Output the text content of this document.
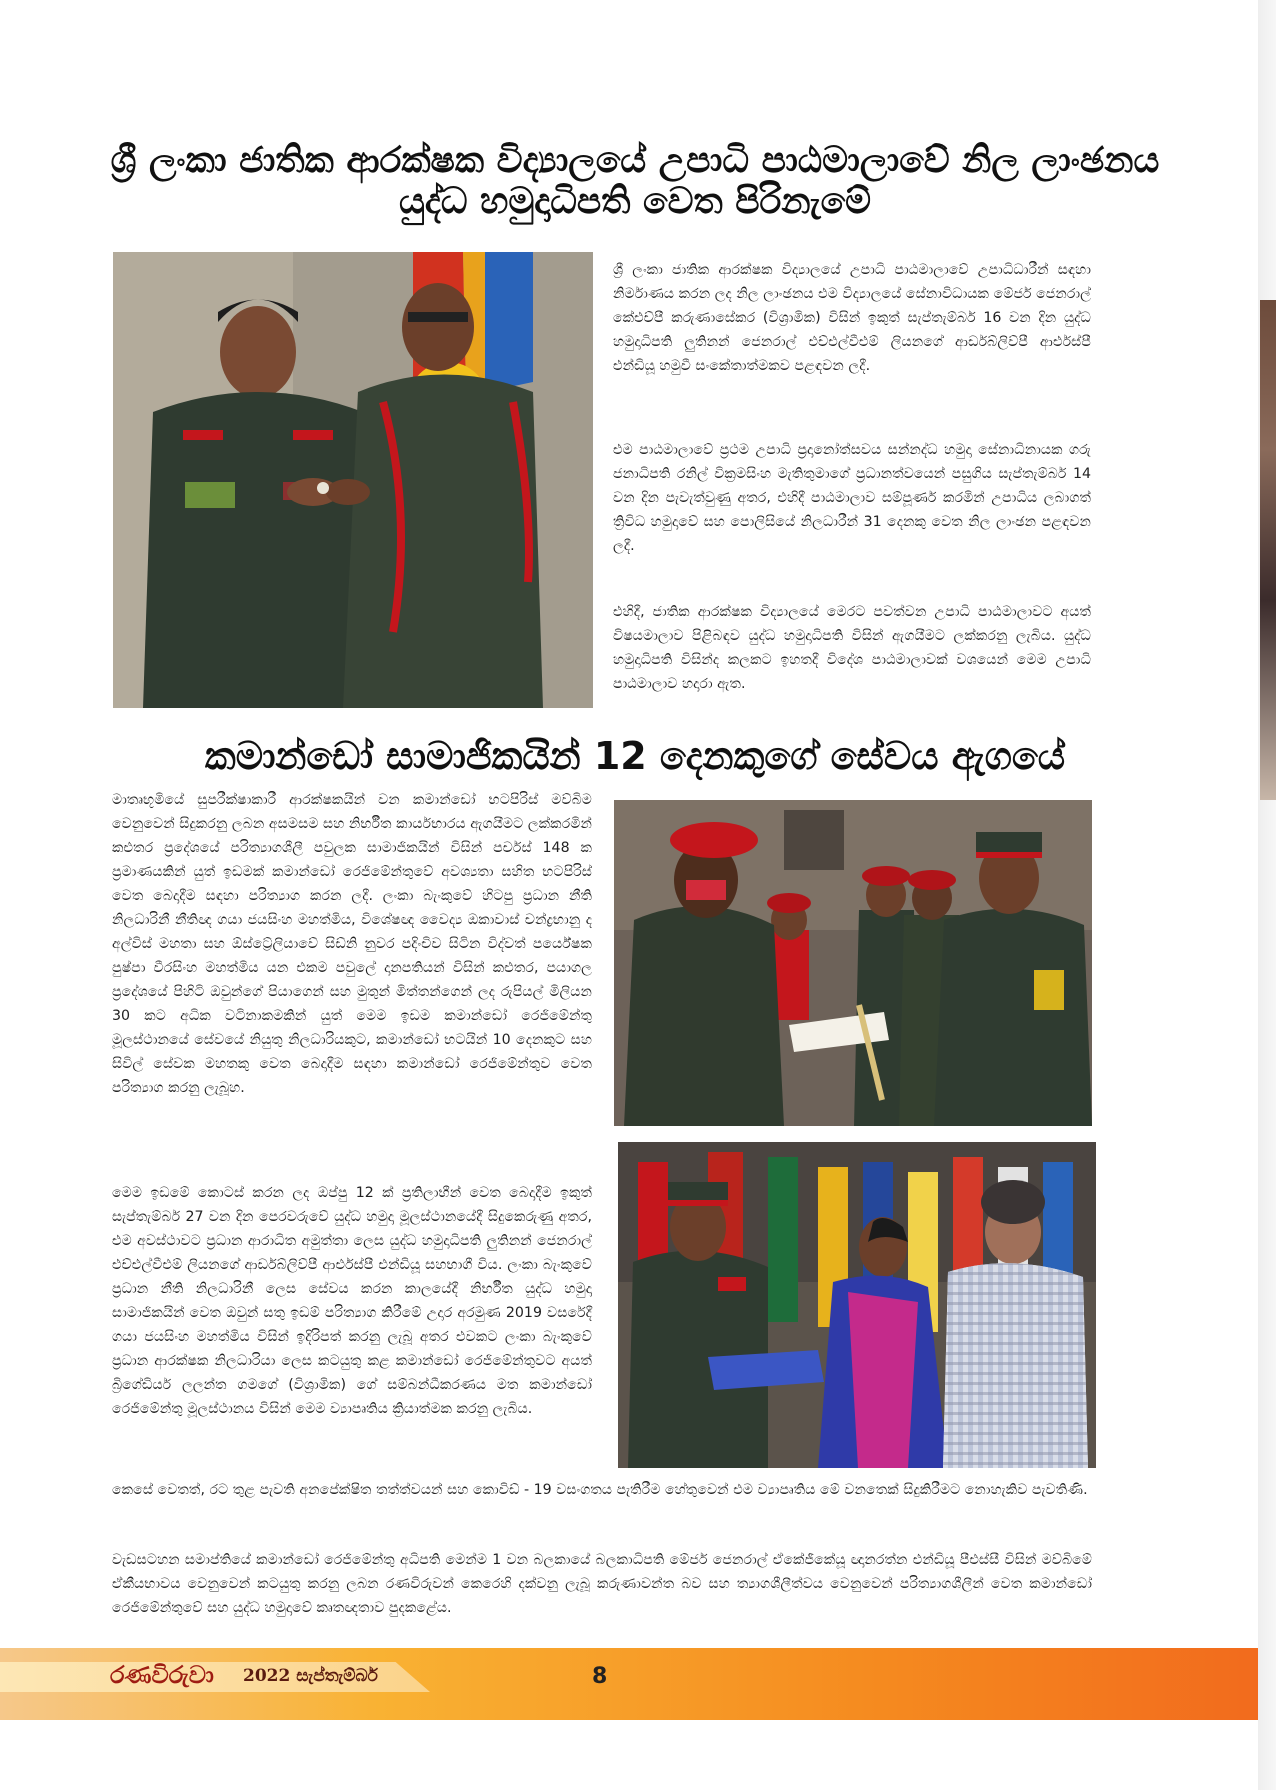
ශ්‍රී ලංකා ජාතික ආරක්ෂක විද්‍යාලයේ උපාධි පාඨමාලාවේ නිල ලාංඡනය
යුද්ධ හමුදාධිපති වෙත පිරිනැමේ

ශ්‍රී ලංකා ජාතික ආරක්ෂක විද්‍යාලයේ උපාධි පාඨමාලාවේ උපාධිධාරීන් සඳහා නිර්මාණය කරන ලද නිල ලාංඡනය එම විද්‍යාලයේ සේනාවිධායක මේජර් ජෙනරාල් කේඑච්පී කරුණාසේකර (විශ්‍රාමික) විසින් ඉකුත් සැප්තැම්බර් 16 වන දින යුද්ධ හමුදාධිපති ලුතිනන් ජෙනරාල් එච්එල්වීඑම් ලියනගේ ආර්ඩබ්ලිව්පී ආර්එස්පී එන්ඩියූ හමුවී සංකේතාත්මකව පළඳවන ලදී.

එම පාඨමාලාවේ ප්‍රථම උපාධි ප්‍රදානෝත්සවය සන්නද්ධ හමුදා සේනාධිනායක ගරු ජනාධිපති රනිල් වික්‍රමසිංහ මැතිතුමාගේ ප්‍රධානත්වයෙන් පසුගිය සැප්තැම්බර් 14 වන දින පැවැත්වුණු අතර, එහිදී පාඨමාලාව සම්පූර්ණ කරමින් උපාධිය ලබාගත් ත්‍රිවිධ හමුදාවේ සහ පොලිසියේ නිලධාරීන් 31 දෙනකු වෙත නිල ලාංඡන පළඳවන ලදී.

එහිදී, ජාතික ආරක්ෂක විද්‍යාලයේ මෙරට පවත්වන උපාධි පාඨමාලාවට අයත් විෂයමාලාව පිළිබඳව යුද්ධ හමුදාධිපති විසින් ඇගයීමට ලක්කරනු ලැබිය. යුද්ධ හමුදාධිපති විසින්ද කලකට ඉහතදී විදේශ පාඨමාලාවක් වශයෙන් මෙම උපාධි පාඨමාලාව හදාරා ඇත.

කමාන්ඩෝ සාමාජිකයින් 12 දෙනකුගේ සේවය ඇගයේ

මාතෘභූමියේ සුපරීක්ෂාකාරී ආරක්ෂකයින් වන කමාන්ඩෝ භටපිරිස් මව්බිම වෙනුවෙන් සිදුකරනු ලබන අසමසම සහ නිර්භීත කාර්යභාරය ඇගයීමට ලක්කරමින් කළුතර ප්‍රදේශයේ පරිත්‍යාගශීලී පවුලක සාමාජිකයින් විසින් පර්චස් 148 ක ප්‍රමාණයකින් යුත් ඉඩමක් කමාන්ඩෝ රෙජිමේන්තුවේ අවශ්‍යතා සහිත භටපිරිස් වෙත බෙදාදීම සඳහා පරිත්‍යාග කරන ලදී. ලංකා බැංකුවේ හිටපු ප්‍රධාන නීති නිලධාරිනී නීතිඥ ගයා ජයසිංහ මහත්මිය, විශේෂඥ වෛද්‍ය ඔකාවාස් චන්ද්‍රභානු ද අල්විස් මහතා සහ ඕස්ට්‍රේලියාවේ සිඩ්නි නුවර පදිංචිව සිටින විද්වත් පර්යේෂක පුෂ්පා වීරසිංහ මහත්මිය යන එකම පවුලේ දානපතියන් විසින් කළුතර, පයාගල ප්‍රදේශයේ පිහිටි ඔවුන්ගේ පියාගෙන් සහ මුතුන් මිත්තන්ගෙන් ලද රුපියල් මිලියන 30 කට අධික වටිනාකමකින් යුත් මෙම ඉඩම කමාන්ඩෝ රෙජිමේන්තු මූලස්ථානයේ සේවයේ නියුතු නිලධාරියකුට, කමාන්ඩෝ භටයින් 10 දෙනකුට සහ සිවිල් සේවක මහතකු වෙත බෙදාදීම සඳහා කමාන්ඩෝ රෙජිමේන්තුව වෙත පරිත්‍යාග කරනු ලැබූහ.

මෙම ඉඩමේ කොටස් කරන ලද ඔප්පු 12 ක් ප්‍රතිලාභීන් වෙත බෙදාදීම ඉකුත් සැප්තැම්බර් 27 වන දින පෙරවරුවේ යුද්ධ හමුදා මූලස්ථානයේදී සිදුකෙරුණු අතර, එම අවස්ථාවට ප්‍රධාන ආරාධිත අමුත්තා ලෙස යුද්ධ හමුදාධිපති ලුතිනන් ජෙනරාල් එච්එල්වීඑම් ලියනගේ ආර්ඩබ්ලිව්පී ආර්එස්පී එන්ඩියූ සහභාගී විය. ලංකා බැංකුවේ ප්‍රධාන නීති නිලධාරිනී ලෙස සේවය කරන කාලයේදී නිර්භීත යුද්ධ හමුදා සාමාජිකයින් වෙත ඔවුන් සතු ඉඩම් පරිත්‍යාග කිරීමේ උදාර අරමුණ 2019 වසරේදී ගයා ජයසිංහ මහත්මිය විසින් ඉදිරිපත් කරනු ලැබූ අතර එවකට ලංකා බැංකුවේ ප්‍රධාන ආරක්ෂක නිලධාරියා ලෙස කටයුතු කළ කමාන්ඩෝ රෙජිමේන්තුවට අයත් බ්‍රිගේඩියර් ලලන්ත ගමගේ (විශ්‍රාමික) ගේ සම්බන්ධීකරණය මත කමාන්ඩෝ රෙජිමේන්තු මූලස්ථානය විසින් මෙම ව්‍යාපෘතිය ක්‍රියාත්මක කරනු ලැබිය.

කෙසේ වෙතත්, රට තුළ පැවති අනපේක්ෂිත තත්ත්වයන් සහ කොවිඩ් - 19 වසංගතය පැතිරීම හේතුවෙන් එම ව්‍යාපෘතිය මේ වනතෙක් සිදුකිරීමට නොහැකිව පැවතිණි.

වැඩසටහන සමාප්තියේ කමාන්ඩෝ රෙජිමේන්තු අධිපති මෙන්ම 1 වන බලකායේ බලකාධිපති මේජර් ජෙනරාල් ඒකේජීකේයූ ඥානරත්න එන්ඩියූ පීඑස්සී විසින් මව්බිමේ ඒකීයභාවය වෙනුවෙන් කටයුතු කරනු ලබන රණවිරුවන් කෙරෙහි දක්වනු ලැබූ කරුණාවන්ත බව සහ ත්‍යාගශීලීත්වය වෙනුවෙන් පරිත්‍යාගශීලීන් වෙත කමාන්ඩෝ රෙජිමේන්තුවේ සහ යුද්ධ හමුදාවේ කෘතඥතාව පුදකළේය.

රණවිරුවා 2022 සැප්තැම්බර්	8
